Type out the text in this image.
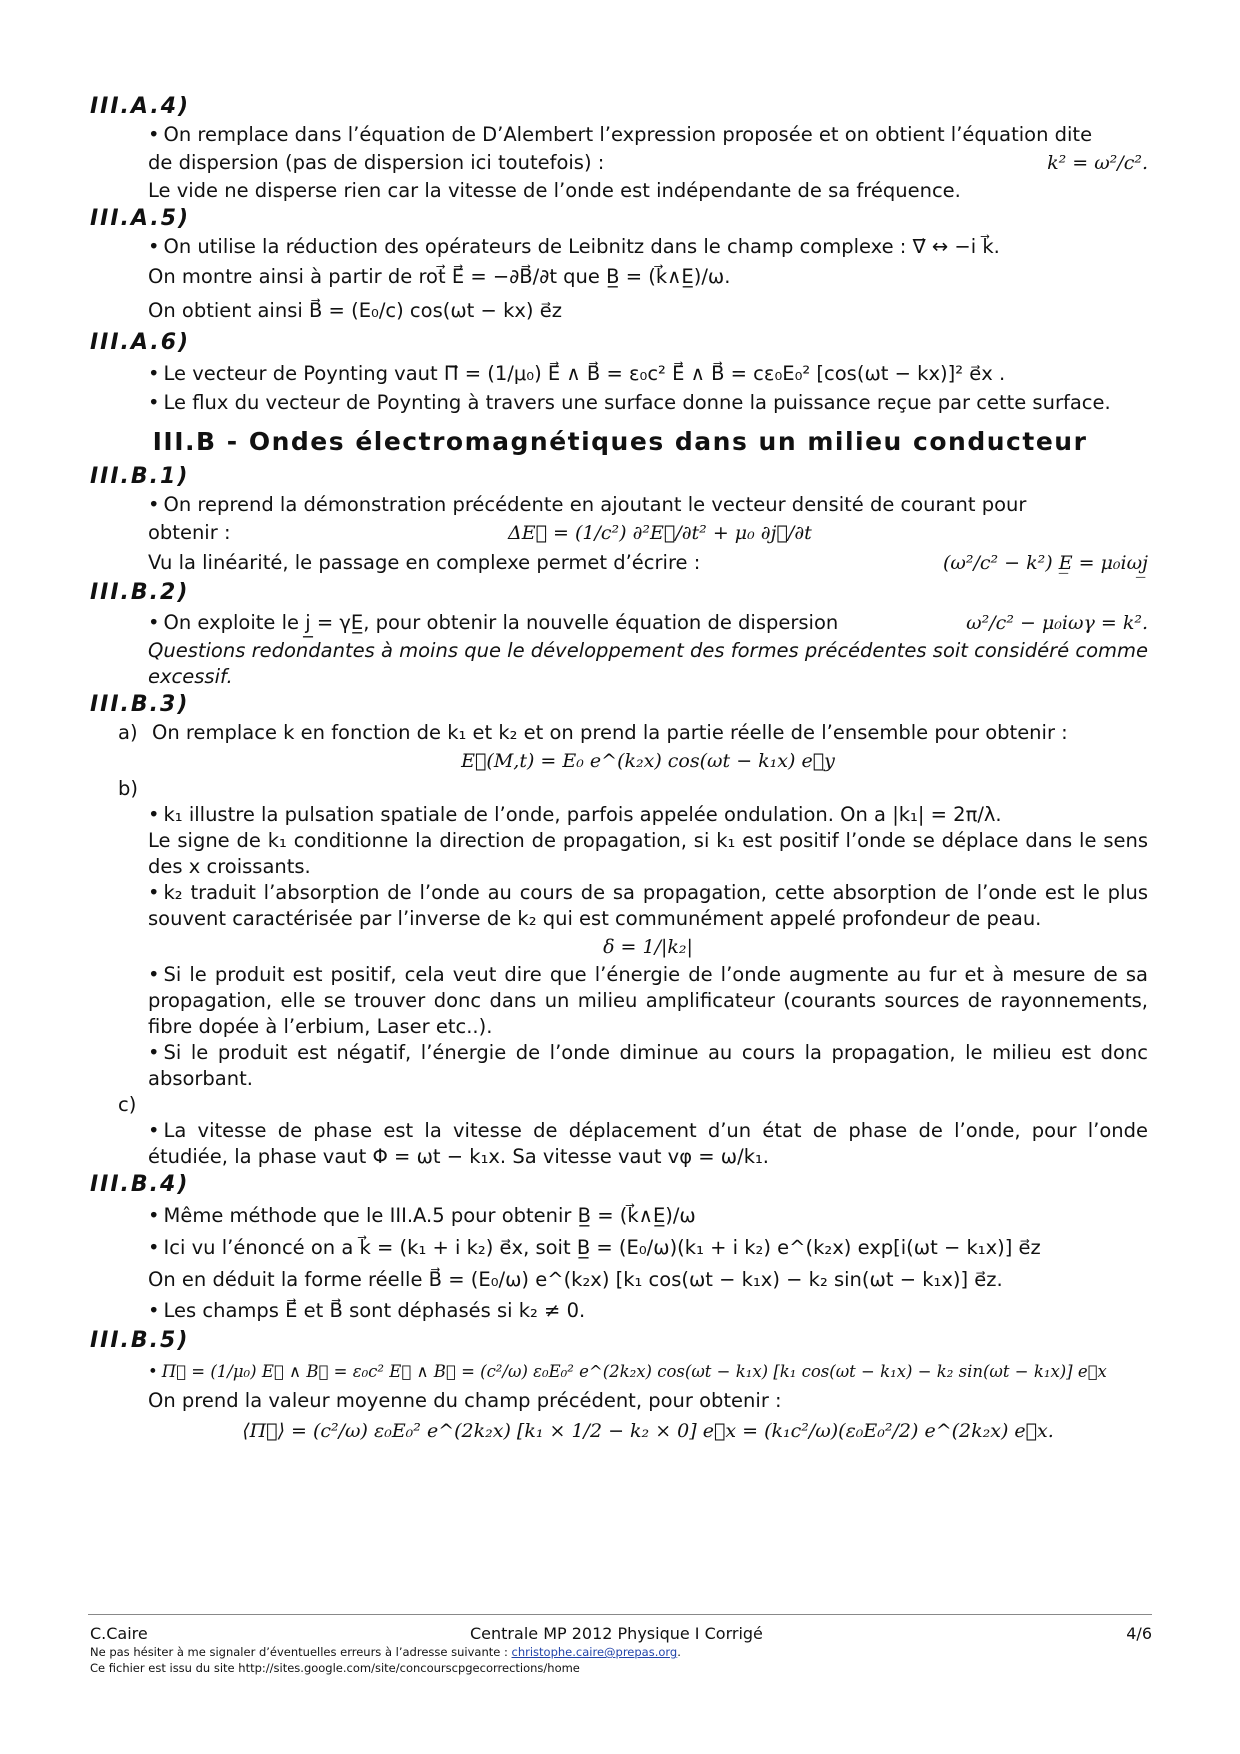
III.A.4)
• On remplace dans l’équation de D’Alembert l’expression proposée et on obtient l’équation dite
de dispersion (pas de dispersion ici toutefois) :	k² = ω²/c².
Le vide ne disperse rien car la vitesse de l’onde est indépendante de sa fréquence.
III.A.5)
• On utilise la réduction des opérateurs de Leibnitz dans le champ complexe : ∇⃗ ↔ −i k⃗.
On montre ainsi à partir de rot⃗ E⃗ = −∂B⃗/∂t que B̲ = (k⃗∧E̲)/ω.
On obtient ainsi B⃗ = (E₀/c) cos(ωt − kx) e⃗z
III.A.6)
• Le vecteur de Poynting vaut Π⃗ = (1/μ₀) E⃗ ∧ B⃗ = ε₀c² E⃗ ∧ B⃗ = cε₀E₀² [cos(ωt − kx)]² e⃗x .
• Le flux du vecteur de Poynting à travers une surface donne la puissance reçue par cette surface.
III.B - Ondes électromagnétiques dans un milieu conducteur
III.B.1)
• On reprend la démonstration précédente en ajoutant le vecteur densité de courant pour
obtenir :	ΔE⃗ = (1/c²) ∂²E⃗/∂t² + μ₀ ∂j⃗/∂t
Vu la linéarité, le passage en complexe permet d’écrire :	(ω²/c² − k²) E̲ = μ₀iωj̲
III.B.2)
• On exploite le j̲ = γE̲, pour obtenir la nouvelle équation de dispersion	ω²/c² − μ₀iωγ = k².
Questions redondantes à moins que le développement des formes précédentes soit considéré comme excessif.
III.B.3)
a) On remplace k en fonction de k₁ et k₂ et on prend la partie réelle de l’ensemble pour obtenir :
E⃗(M,t) = E₀ e^(k₂x) cos(ωt − k₁x) e⃗y
b)
• k₁ illustre la pulsation spatiale de l’onde, parfois appelée ondulation. On a |k₁| = 2π/λ.
Le signe de k₁ conditionne la direction de propagation, si k₁ est positif l’onde se déplace dans le sens des x croissants.
• k₂ traduit l’absorption de l’onde au cours de sa propagation, cette absorption de l’onde est le plus souvent caractérisée par l’inverse de k₂ qui est communément appelé profondeur de peau.
δ = 1/|k₂|
• Si le produit est positif, cela veut dire que l’énergie de l’onde augmente au fur et à mesure de sa propagation, elle se trouver donc dans un milieu amplificateur (courants sources de rayonnements, fibre dopée à l’erbium, Laser etc..).
• Si le produit est négatif, l’énergie de l’onde diminue au cours la propagation, le milieu est donc absorbant.
c)
• La vitesse de phase est la vitesse de déplacement d’un état de phase de l’onde, pour l’onde étudiée, la phase vaut Φ = ωt − k₁x. Sa vitesse vaut vφ = ω/k₁.
III.B.4)
• Même méthode que le III.A.5 pour obtenir B̲ = (k⃗∧E̲)/ω
• Ici vu l’énoncé on a k⃗ = (k₁ + i k₂) e⃗x, soit B̲ = (E₀/ω)(k₁ + i k₂) e^(k₂x) exp[i(ωt − k₁x)] e⃗z
On en déduit la forme réelle B⃗ = (E₀/ω) e^(k₂x) [k₁ cos(ωt − k₁x) − k₂ sin(ωt − k₁x)] e⃗z.
• Les champs E⃗ et B⃗ sont déphasés si k₂ ≠ 0.
III.B.5)
• Π⃗ = (1/μ₀) E⃗ ∧ B⃗ = ε₀c² E⃗ ∧ B⃗ = (c²/ω) ε₀E₀² e^(2k₂x) cos(ωt − k₁x) [k₁ cos(ωt − k₁x) − k₂ sin(ωt − k₁x)] e⃗x
On prend la valeur moyenne du champ précédent, pour obtenir :
⟨Π⃗⟩ = (c²/ω) ε₀E₀² e^(2k₂x) [k₁ × 1/2 − k₂ × 0] e⃗x = (k₁c²/ω)(ε₀E₀²/2) e^(2k₂x) e⃗x.
C.Caire	Centrale MP 2012 Physique I Corrigé	4/6
Ne pas hésiter à me signaler d’éventuelles erreurs à l’adresse suivante : christophe.caire@prepas.org.
Ce fichier est issu du site http://sites.google.com/site/concourscpgecorrections/home
